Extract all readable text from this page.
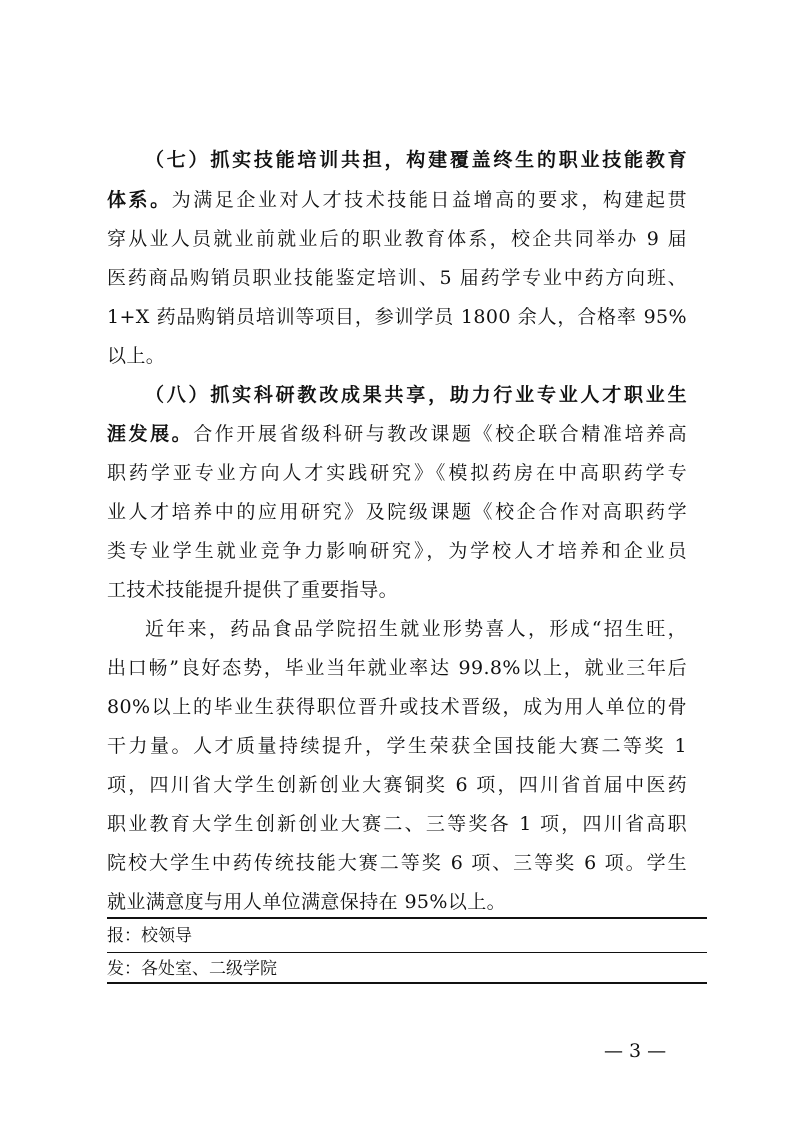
（七）抓实技能培训共担，构建覆盖终生的职业技能教育
体系。为满足企业对人才技术技能日益增高的要求，构建起贯
穿从业人员就业前就业后的职业教育体系，校企共同举办 9 届
医药商品购销员职业技能鉴定培训、5 届药学专业中药方向班、
1+X 药品购销员培训等项目，参训学员 1800 余人，合格率 95%
以上。
（八）抓实科研教改成果共享，助力行业专业人才职业生
涯发展。合作开展省级科研与教改课题《校企联合精准培养高
职药学亚专业方向人才实践研究》《模拟药房在中高职药学专
业人才培养中的应用研究》及院级课题《校企合作对高职药学
类专业学生就业竞争力影响研究》，为学校人才培养和企业员
工技术技能提升提供了重要指导。
近年来，药品食品学院招生就业形势喜人，形成“招生旺，
出口畅”良好态势，毕业当年就业率达 99.8%以上，就业三年后
80%以上的毕业生获得职位晋升或技术晋级，成为用人单位的骨
干力量。人才质量持续提升，学生荣获全国技能大赛二等奖 1
项，四川省大学生创新创业大赛铜奖 6 项，四川省首届中医药
职业教育大学生创新创业大赛二、三等奖各 1 项，四川省高职
院校大学生中药传统技能大赛二等奖 6 项、三等奖 6 项。学生
就业满意度与用人单位满意保持在 95%以上。
报：校领导
发：各处室、二级学院
— 3 —
